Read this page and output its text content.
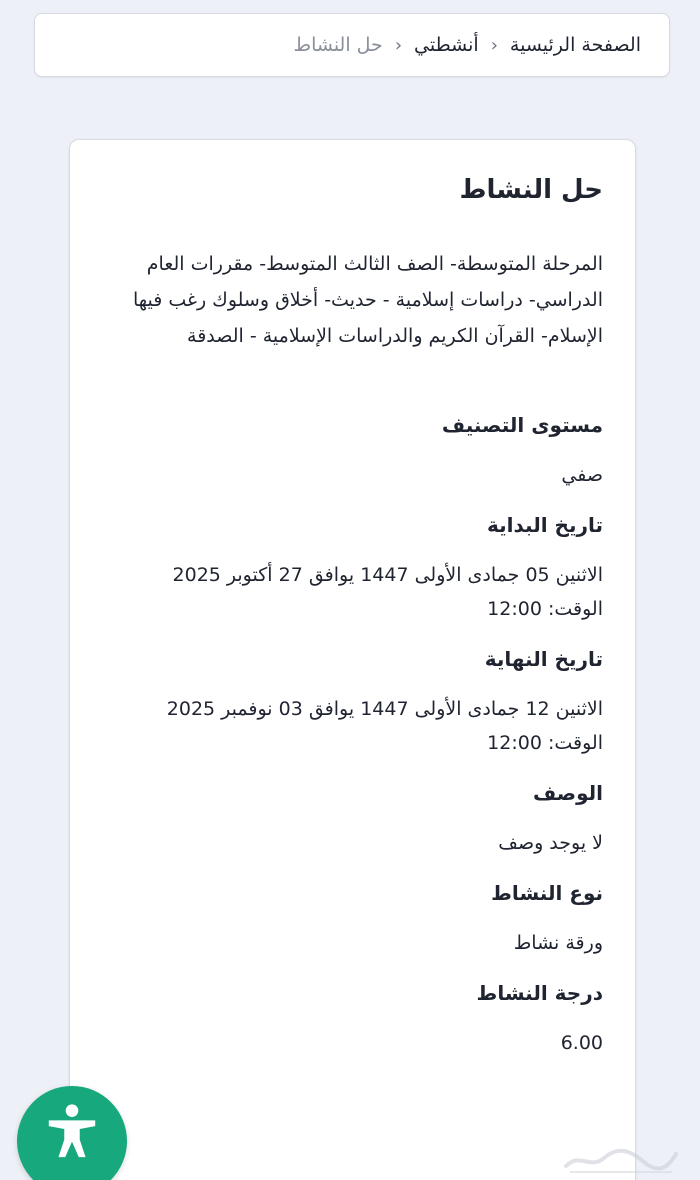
الصفحة الرئيسية
‹
أنشطتي
‹
حل النشاط
حل النشاط

المرحلة المتوسطة- الصف الثالث المتوسط- مقررات العام الدراسي- دراسات إسلامية - حديث- أخلاق وسلوك رغب فيها الإسلام- القرآن الكريم والدراسات الإسلامية - الصدقة

مستوى التصنيف
صفي
تاريخ البداية
الاثنين 05 جمادى الأولى 1447 يوافق 27 أكتوبر 2025
الوقت: 12:00
تاريخ النهاية
الاثنين 12 جمادى الأولى 1447 يوافق 03 نوفمبر 2025
الوقت: 12:00
الوصف
لا يوجد وصف
نوع النشاط
ورقة نشاط
درجة النشاط
6.00
